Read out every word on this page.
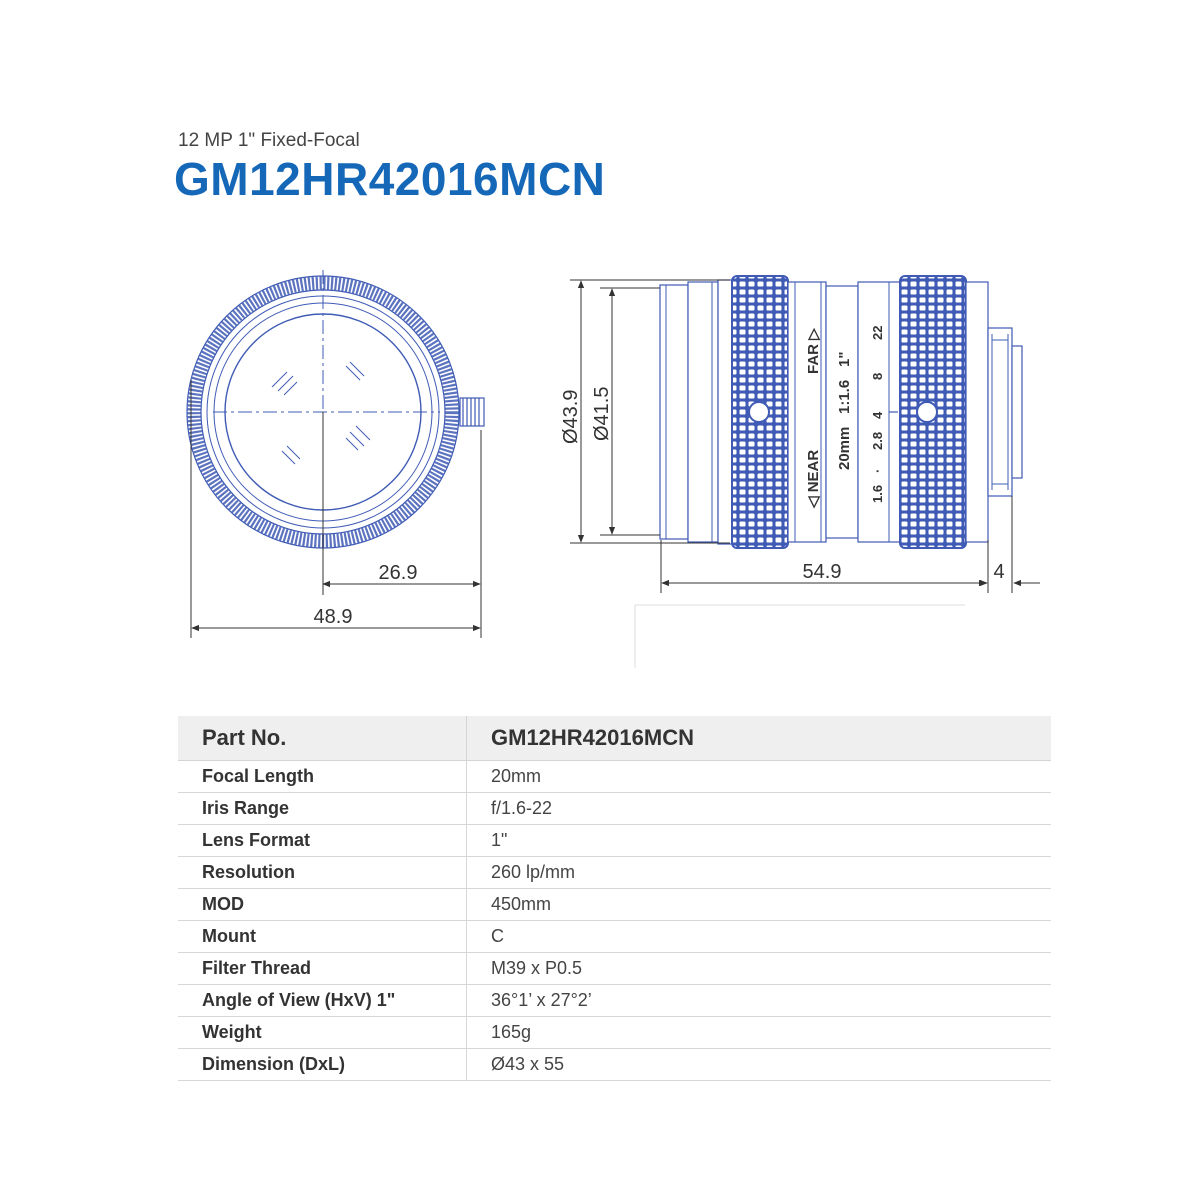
12 MP 1" Fixed-Focal
GM12HR42016MCN
26.9
48.9
FAR ▷
◁ NEAR
20mm
1:1.6
1"
1.6
·
2.8
4
8
22
Ø43.9 Ø41.5
54.9	4
Part No.	GM12HR42016MCN
Focal Length	20mm
Iris Range	f/1.6-22
Lens Format	1"
Resolution	260 lp/mm
MOD	450mm
Mount	C
Filter Thread	M39 x P0.5
Angle of View (HxV) 1"	36°1’ x 27°2’
Weight	165g
Dimension (DxL)	Ø43 x 55
